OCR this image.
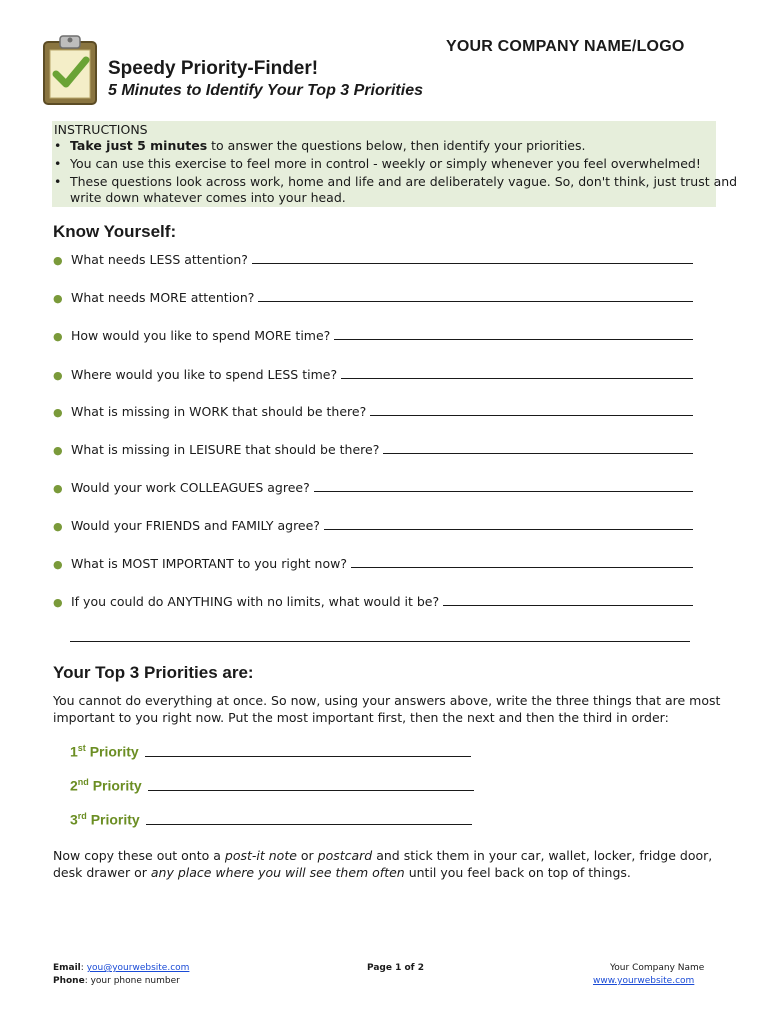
YOUR COMPANY NAME/LOGO
Speedy Priority-Finder!
5 Minutes to Identify Your Top 3 Priorities
INSTRUCTIONS
• Take just 5 minutes to answer the questions below, then identify your priorities.
• You can use this exercise to feel more in control - weekly or simply whenever you feel overwhelmed!
• These questions look across work, home and life and are deliberately vague. So, don't think, just trust and
write down whatever comes into your head.
Know Yourself:
● What needs LESS attention?
● What needs MORE attention?
● How would you like to spend MORE time?
● Where would you like to spend LESS time?
● What is missing in WORK that should be there?
● What is missing in LEISURE that should be there?
● Would your work COLLEAGUES agree?
● Would your FRIENDS and FAMILY agree?
● What is MOST IMPORTANT to you right now?
● If you could do ANYTHING with no limits, what would it be?
Your Top 3 Priorities are:
You cannot do everything at once. So now, using your answers above, write the three things that are most
important to you right now. Put the most important first, then the next and then the third in order:
1st Priority
2nd Priority
3rd Priority
Now copy these out onto a post-it note or postcard and stick them in your car, wallet, locker, fridge door,
desk drawer or any place where you will see them often until you feel back on top of things.
Email: you@yourwebsite.com
Phone: your phone number
Page 1 of 2	Your Company Name
www.yourwebsite.com
